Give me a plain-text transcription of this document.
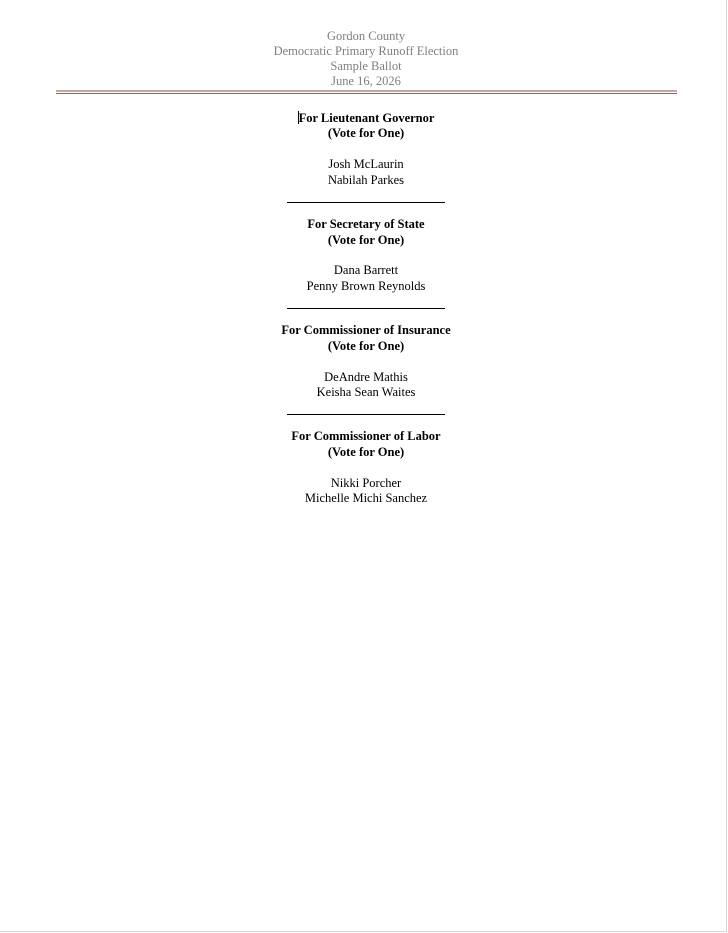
Gordon County
Democratic Primary Runoff Election
Sample Ballot
June 16, 2026
For Lieutenant Governor
(Vote for One)
Josh McLaurin
Nabilah Parkes
For Secretary of State
(Vote for One)
Dana Barrett
Penny Brown Reynolds
For Commissioner of Insurance
(Vote for One)
DeAndre Mathis
Keisha Sean Waites
For Commissioner of Labor
(Vote for One)
Nikki Porcher
Michelle Michi Sanchez
